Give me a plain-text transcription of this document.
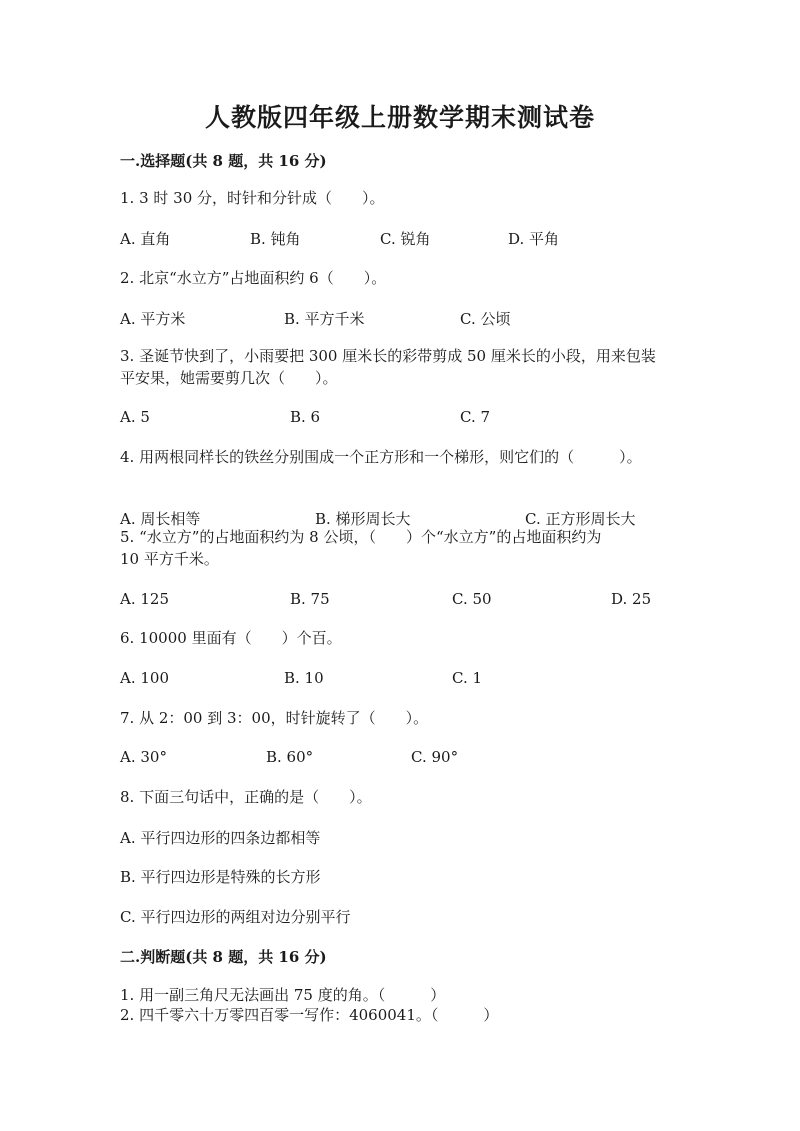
人教版四年级上册数学期末测试卷
一.选择题(共 8 题，共 16 分)
1. 3 时 30 分，时针和分针成（　　）。
A. 直角	B. 钝角	C. 锐角	D. 平角
2. 北京“水立方”占地面积约 6（　　）。
A. 平方米	B. 平方千米	C. 公顷
3. 圣诞节快到了，小雨要把 300 厘米长的彩带剪成 50 厘米长的小段，用来包装
平安果，她需要剪几次（　　）。
A. 5	B. 6	C. 7
4. 用两根同样长的铁丝分别围成一个正方形和一个梯形，则它们的（　　　）。
A. 周长相等	B. 梯形周长大	C. 正方形周长大
5. “水立方”的占地面积约为 8 公顷，（　　）个“水立方”的占地面积约为
10 平方千米。
A. 125	B. 75	C. 50	D. 25
6. 10000 里面有（　　）个百。
A. 100	B. 10	C. 1
7. 从 2：00 到 3：00，时针旋转了（　　）。
A. 30°	B. 60°	C. 90°
8. 下面三句话中，正确的是（　　）。
A. 平行四边形的四条边都相等
B. 平行四边形是特殊的长方形
C. 平行四边形的两组对边分别平行
二.判断题(共 8 题，共 16 分)
1. 用一副三角尺无法画出 75 度的角。（　　　）
2. 四千零六十万零四百零一写作：4060041。（　　　）
